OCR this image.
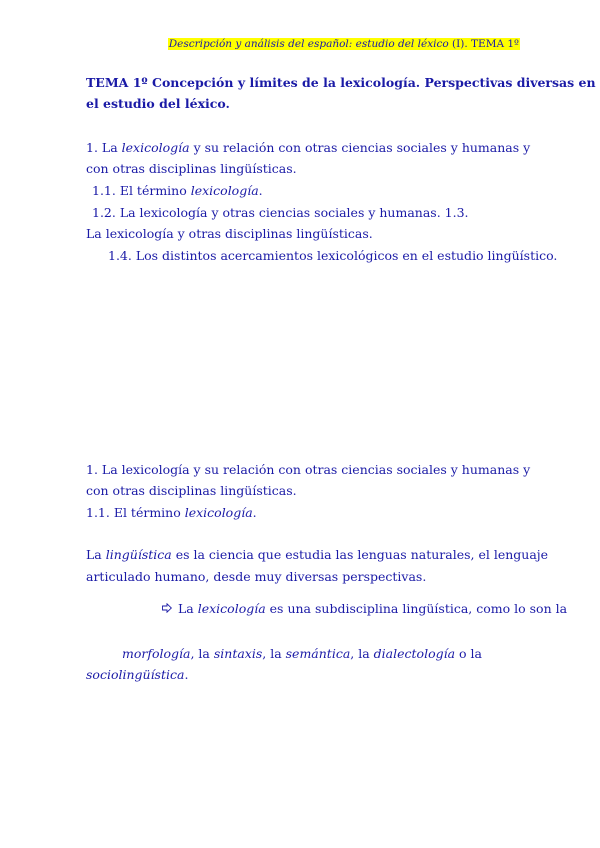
Descripción y análisis del español: estudio del léxico (I). TEMA 1º
TEMA 1º Concepción y límites de la lexicología. Perspectivas diversas en
el estudio del léxico.
1. La lexicología y su relación con otras ciencias sociales y humanas y
con otras disciplinas lingüísticas.
1.1. El término lexicología.
1.2. La lexicología y otras ciencias sociales y humanas. 1.3.
La lexicología y otras disciplinas lingüísticas.
1.4. Los distintos acercamientos lexicológicos en el estudio lingüístico.
1. La lexicología y su relación con otras ciencias sociales y humanas y
con otras disciplinas lingüísticas.
1.1. El término lexicología.
La lingüística es la ciencia que estudia las lenguas naturales, el lenguaje
articulado humano, desde muy diversas perspectivas.
La lexicología es una subdisciplina lingüística, como lo son la
morfología, la sintaxis, la semántica, la dialectología o la
sociolingüística.
